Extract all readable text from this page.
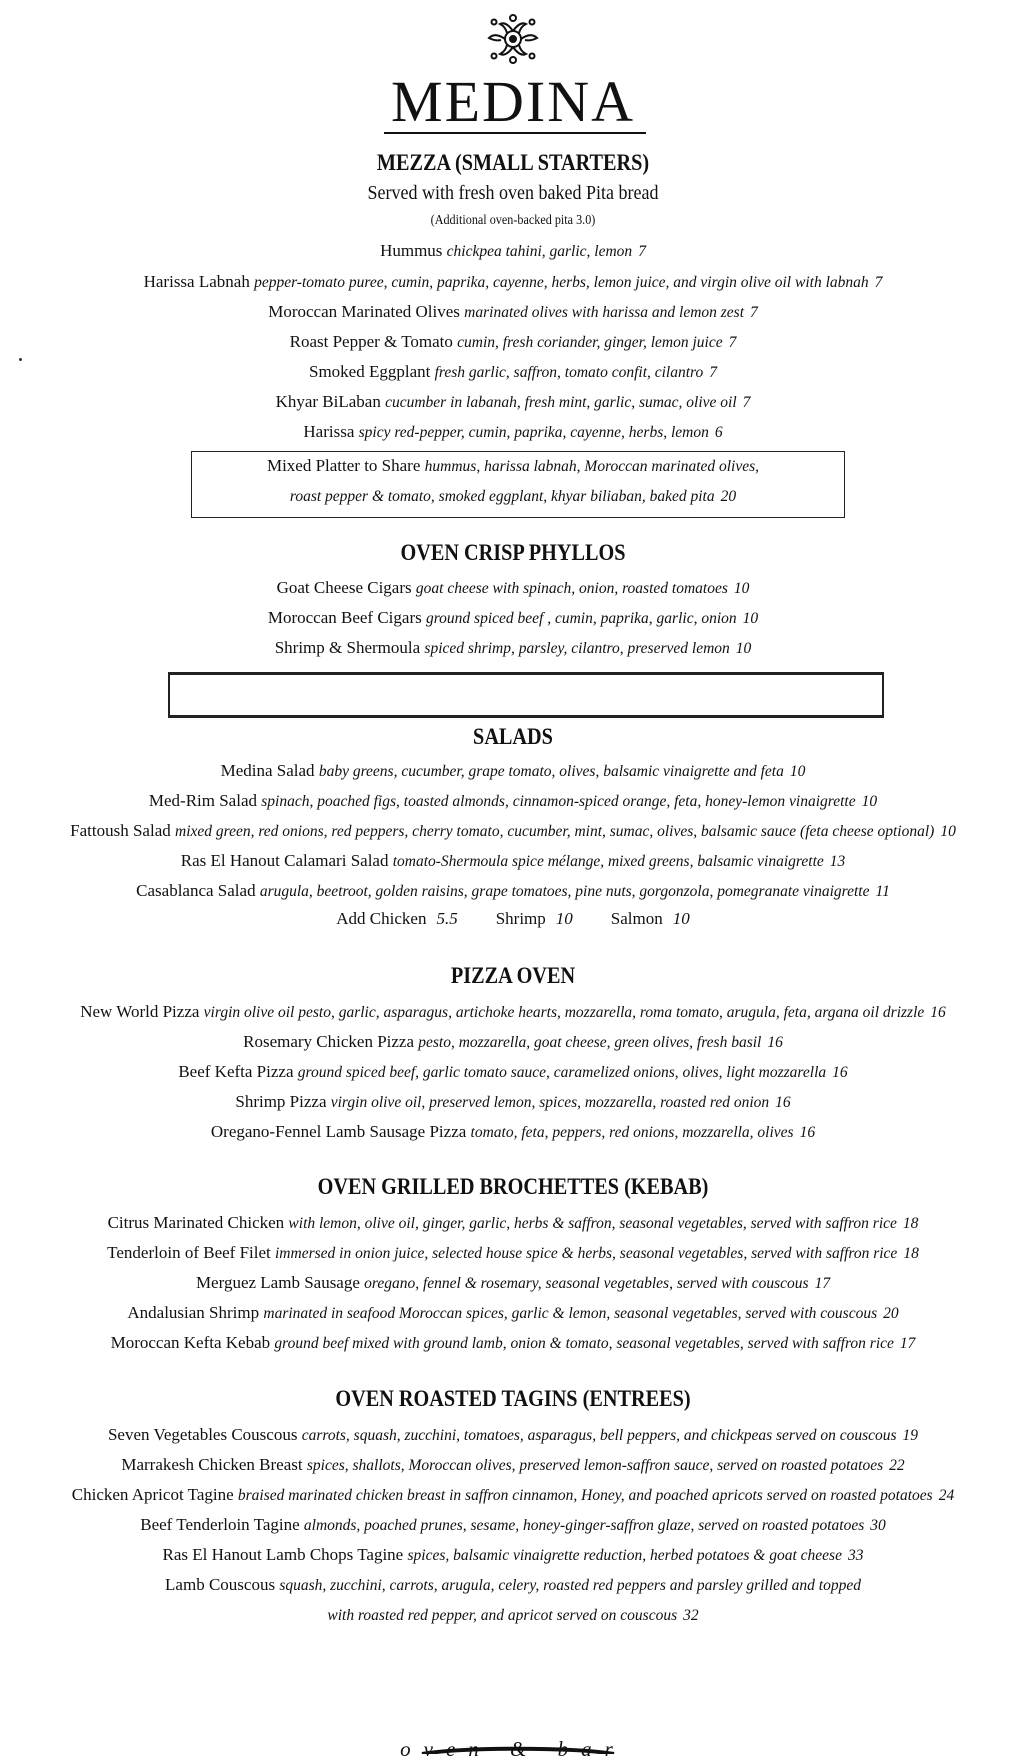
MEDINA
MEZZA (SMALL STARTERS)
Served with fresh oven baked Pita bread
(Additional oven-backed pita 3.0)
Hummus chickpea tahini, garlic, lemon 7
Harissa Labnah pepper-tomato puree, cumin, paprika, cayenne, herbs, lemon juice, and virgin olive oil with labnah 7
Moroccan Marinated Olives marinated olives with harissa and lemon zest 7
Roast Pepper & Tomato cumin, fresh coriander, ginger, lemon juice 7
Smoked Eggplant fresh garlic, saffron, tomato confit, cilantro 7
Khyar BiLaban cucumber in labanah, fresh mint, garlic, sumac, olive oil 7
Harissa spicy red-pepper, cumin, paprika, cayenne, herbs, lemon 6
Mixed Platter to Share hummus, harissa labnah, Moroccan marinated olives,
roast pepper & tomato, smoked eggplant, khyar biliaban, baked pita 20
OVEN CRISP PHYLLOS
Goat Cheese Cigars goat cheese with spinach, onion, roasted tomatoes 10
Moroccan Beef Cigars ground spiced beef , cumin, paprika, garlic, onion 10
Shrimp & Shermoula spiced shrimp, parsley, cilantro, preserved lemon 10
SALADS
Medina Salad baby greens, cucumber, grape tomato, olives, balsamic vinaigrette and feta 10
Med-Rim Salad spinach, poached figs, toasted almonds, cinnamon-spiced orange, feta, honey-lemon vinaigrette 10
Fattoush Salad mixed green, red onions, red peppers, cherry tomato, cucumber, mint, sumac, olives, balsamic sauce (feta cheese optional) 10
Ras El Hanout Calamari Salad tomato-Shermoula spice mélange, mixed greens, balsamic vinaigrette 13
Casablanca Salad arugula, beetroot, golden raisins, grape tomatoes, pine nuts, gorgonzola, pomegranate vinaigrette 11
Add Chicken 5.5 Shrimp 10 Salmon 10
PIZZA OVEN
New World Pizza virgin olive oil pesto, garlic, asparagus, artichoke hearts, mozzarella, roma tomato, arugula, feta, argana oil drizzle 16
Rosemary Chicken Pizza pesto, mozzarella, goat cheese, green olives, fresh basil 16
Beef Kefta Pizza ground spiced beef, garlic tomato sauce, caramelized onions, olives, light mozzarella 16
Shrimp Pizza virgin olive oil, preserved lemon, spices, mozzarella, roasted red onion 16
Oregano-Fennel Lamb Sausage Pizza tomato, feta, peppers, red onions, mozzarella, olives 16
OVEN GRILLED BROCHETTES (KEBAB)
Citrus Marinated Chicken with lemon, olive oil, ginger, garlic, herbs & saffron, seasonal vegetables, served with saffron rice 18
Tenderloin of Beef Filet immersed in onion juice, selected house spice & herbs, seasonal vegetables, served with saffron rice 18
Merguez Lamb Sausage oregano, fennel & rosemary, seasonal vegetables, served with couscous 17
Andalusian Shrimp marinated in seafood Moroccan spices, garlic & lemon, seasonal vegetables, served with couscous 20
Moroccan Kefta Kebab ground beef mixed with ground lamb, onion & tomato, seasonal vegetables, served with saffron rice 17
OVEN ROASTED TAGINS (ENTREES)
Seven Vegetables Couscous carrots, squash, zucchini, tomatoes, asparagus, bell peppers, and chickpeas served on couscous 19
Marrakesh Chicken Breast spices, shallots, Moroccan olives, preserved lemon-saffron sauce, served on roasted potatoes 22
Chicken Apricot Tagine braised marinated chicken breast in saffron cinnamon, Honey, and poached apricots served on roasted potatoes 24
Beef Tenderloin Tagine almonds, poached prunes, sesame, honey-ginger-saffron glaze, served on roasted potatoes 30
Ras El Hanout Lamb Chops Tagine spices, balsamic vinaigrette reduction, herbed potatoes & goat cheese 33
Lamb Couscous squash, zucchini, carrots, arugula, celery, roasted red peppers and parsley grilled and topped
with roasted red pepper, and apricot served on couscous 32
oven & bar
